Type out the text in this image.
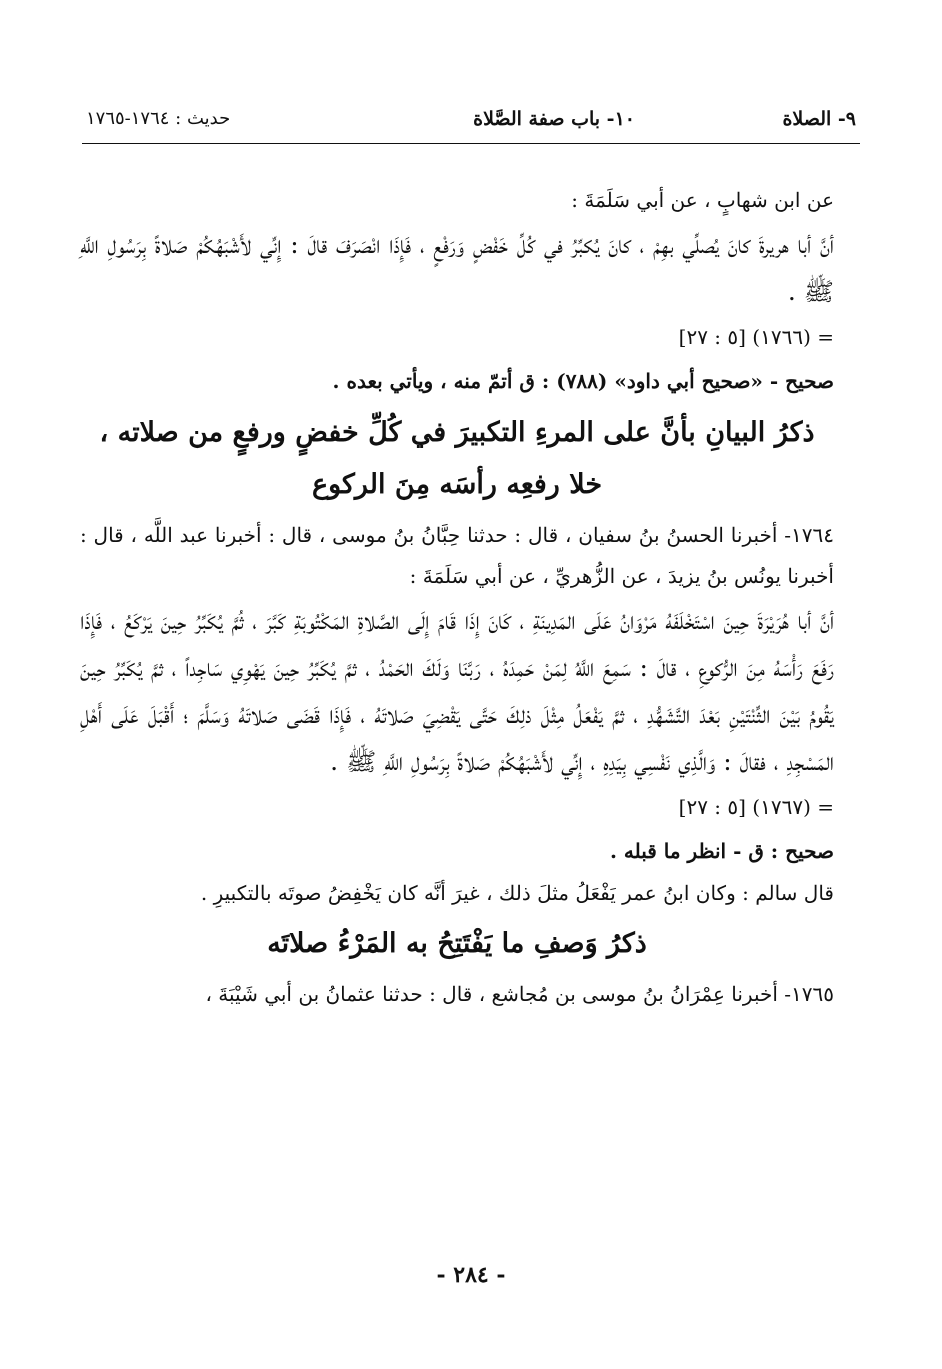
٩- الصلاة
١٠- باب صفة الصَّلاة
حديث : ١٧٦٤-١٧٦٥

عن ابن شهابٍ ، عن أبي سَلَمَةَ :

أنَّ أبا هريرةَ كانَ يُصلِّي بهِمْ ، كانَ يُكبِّرُ في كُلِّ خَفْضٍ وَرَفْعٍ ، فَإِذَا انْصَرَفَ قالَ : إِنِّي لأَشْبَهُكُمْ صَلاةً بِرَسُولِ اللَّهِ ﷺ .

= (١٧٦٦) [٥ : ٢٧]

صحيح - «صحيح أبي داود» (٧٨٨) : ق أتمّ منه ، ويأتي بعده .

ذكرُ البيانِ بأنَّ على المرءِ التكبيرَ في كُلِّ خفضٍ ورفعٍ من صلاته ، خلا رفعِه رأسَه مِنَ الركوع

١٧٦٤- أخبرنا الحسنُ بنُ سفيان ، قال : حدثنا حِبَّانُ بنُ موسى ، قال : أخبرنا عبد اللَّه ، قال : أخبرنا يونُس بنُ يزيدَ ، عن الزُّهريِّ ، عن أبي سَلَمَةَ :

أنَّ أبا هُرَيْرَةَ حِينَ اسْتَخْلَفَهُ مَرْوَانُ عَلَى المَدِينَةِ ، كَانَ إِذَا قَامَ إِلَى الصَّلاةِ المَكْتُوبَةِ كَبَّرَ ، ثُمَّ يُكَبِّرُ حِينَ يَرْكَعُ ، فَإِذَا رَفَعَ رَأْسَهُ مِنَ الرُّكوعِ ، قالَ : سَمِعَ اللَّهُ لِمَنْ حَمِدَهُ ، رَبَّنَا وَلَكَ الحَمْدُ ، ثمَّ يُكَبِّرُ حِينَ يَهْوِي سَاجِداً ، ثمَّ يُكَبِّرُ حِينَ يَقُومُ بَيْنَ الثِّنْتَيْنِ بَعْدَ التَّشَهُّدِ ، ثمَّ يَفْعَلُ مِثْلَ ذلِكَ حَتَّى يَقْضِيَ صَلاتَهُ ، فَإِذَا قَضَى صَلاتَهُ وَسَلَّمَ ؛ أَقْبَلَ عَلَى أَهْلِ المَسْجِدِ ، فقالَ : وَالَّذِي نَفْسِي بِيَدِهِ ، إِنِّي لأَشْبَهُكُمْ صَلاةً بِرَسُولِ اللَّهِ ﷺ .

= (١٧٦٧) [٥ : ٢٧]

صحيح : ق - انظر ما قبله .

قال سالم : وكان ابنُ عمر يَفْعَلُ مثلَ ذلك ، غيرَ أنَّه كان يَخْفِضُ صوتَه بالتكبيرِ .

ذكرُ وَصفِ ما يَفْتَتِحُ به المَرْءُ صلاتَه

١٧٦٥- أخبرنا عِمْرَانُ بنُ موسى بن مُجاشع ، قال : حدثنا عثمانُ بن أبي شَيْبَةَ ،

- ٢٨٤ -
